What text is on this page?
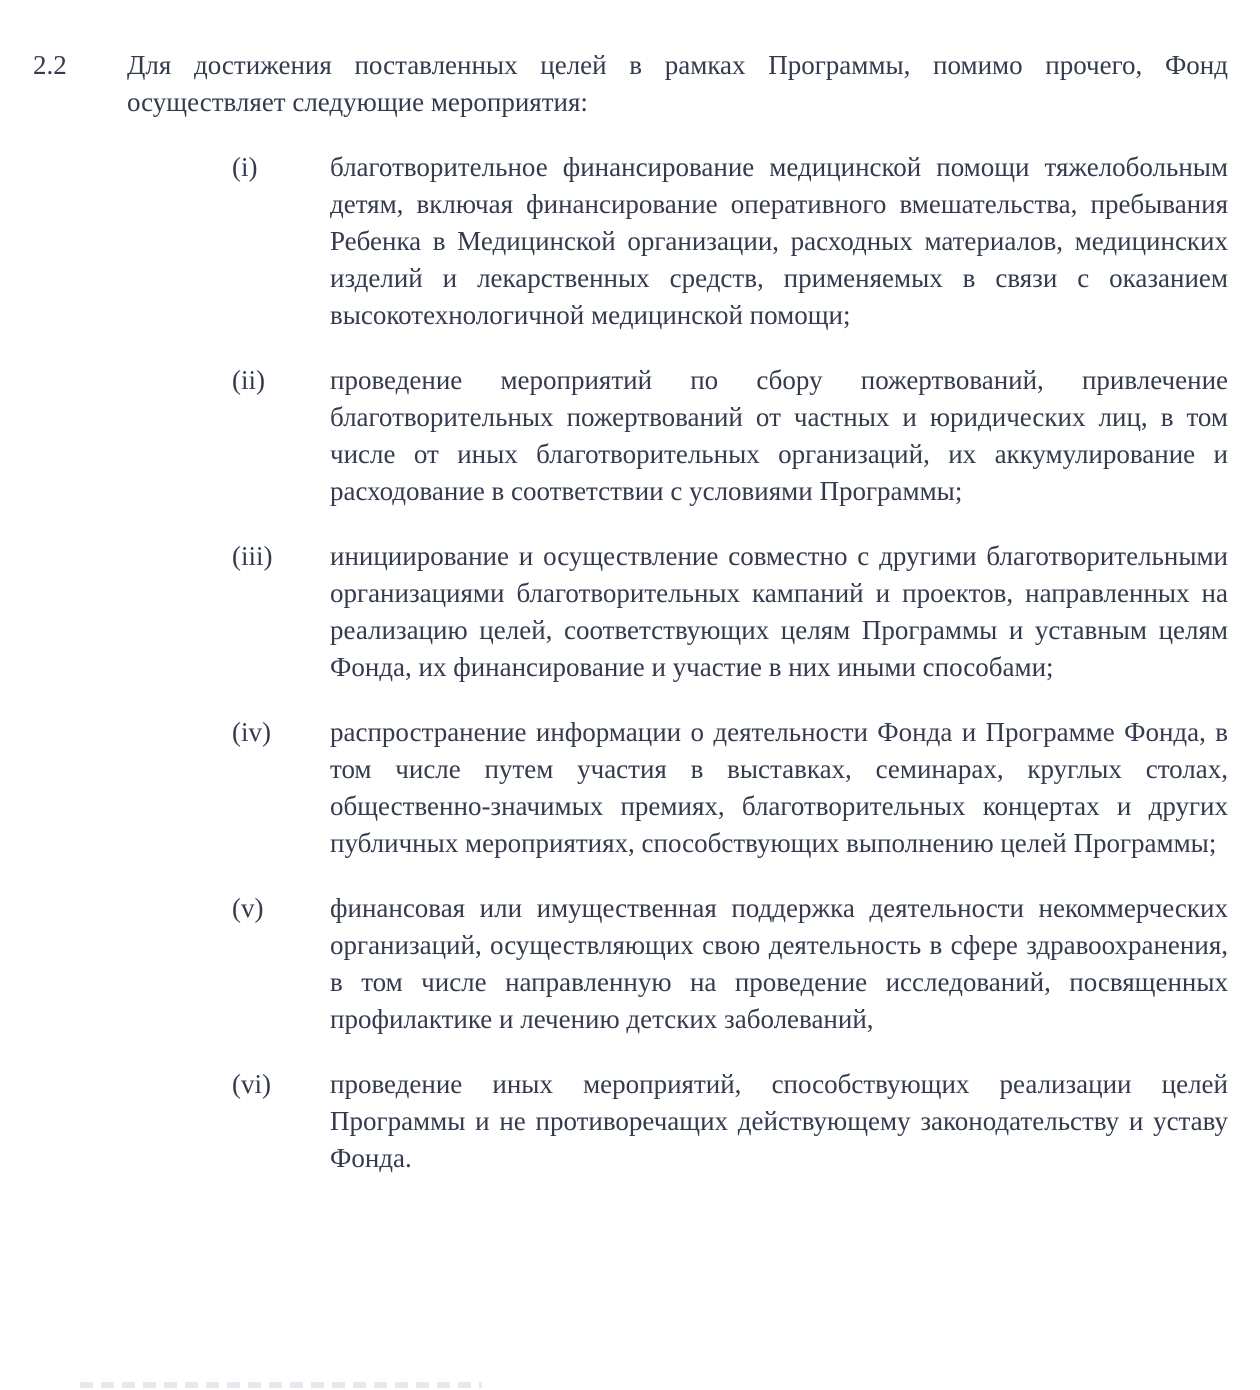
2.2	Для достижения поставленных целей в рамках Программы, помимо прочего, Фонд осуществляет следующие мероприятия:

(i)	благотворительное финансирование медицинской помощи тяжелобольным детям, включая финансирование оперативного вмешательства, пребывания Ребенка в Медицинской организации, расходных материалов, медицинских изделий и лекарственных средств, применяемых в связи с оказанием высокотехнологичной медицинской помощи;

(ii)	проведение мероприятий по сбору пожертвований, привлечение благотворительных пожертвований от частных и юридических лиц, в том числе от иных благотворительных организаций, их аккумулирование и расходование в соответствии с условиями Программы;

(iii)	инициирование и осуществление совместно с другими благотворительными организациями благотворительных кампаний и проектов, направленных на реализацию целей, соответствующих целям Программы и уставным целям Фонда, их финансирование и участие в них иными способами;

(iv)	распространение информации о деятельности Фонда и Программе Фонда, в том числе путем участия в выставках, семинарах, круглых столах, общественно-значимых премиях, благотворительных концертах и других публичных мероприятиях, способствующих выполнению целей Программы;

(v)	финансовая или имущественная поддержка деятельности некоммерческих организаций, осуществляющих свою деятельность в сфере здравоохранения, в том числе направленную на проведение исследований, посвященных профилактике и лечению детских заболеваний,

(vi)	проведение иных мероприятий, способствующих реализации целей Программы и не противоречащих действующему законодательству и уставу Фонда.
